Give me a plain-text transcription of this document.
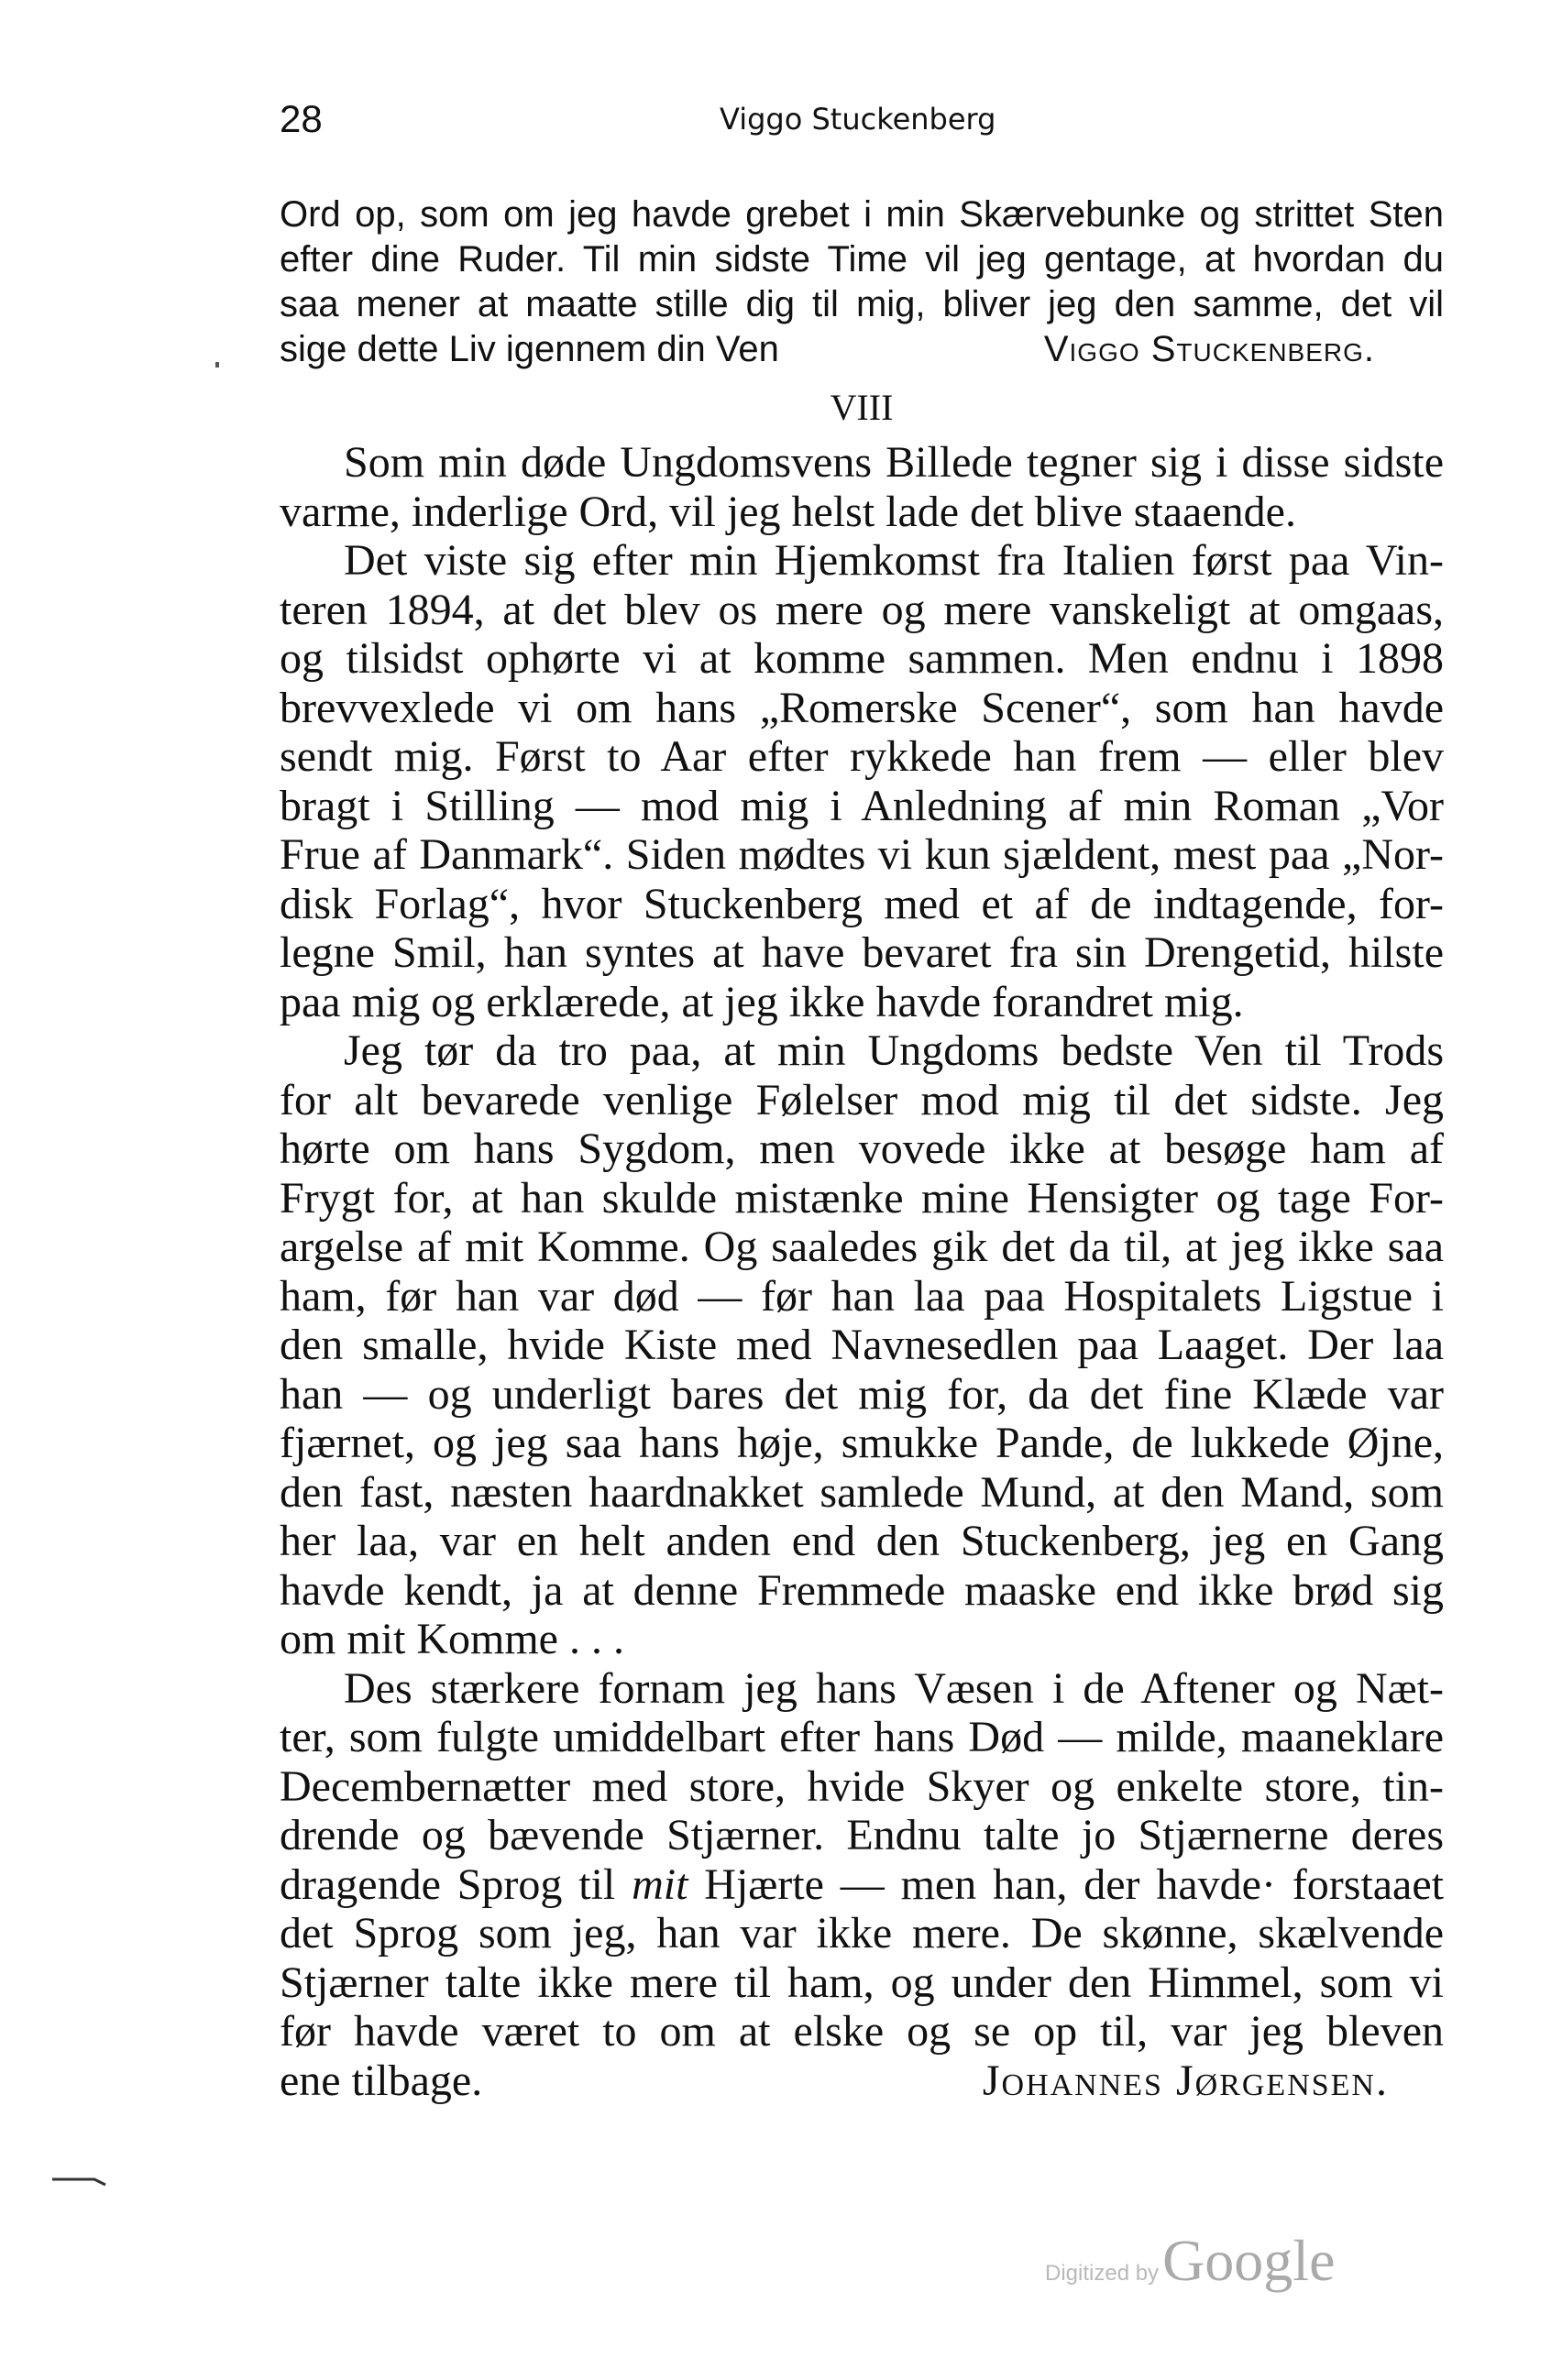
28	Viggo Stuckenberg

Ord op, som om jeg havde grebet i min Skærvebunke og strittet Sten

efter dine Ruder. Til min sidste Time vil jeg gentage, at hvordan du

saa mener at maatte stille dig til mig, bliver jeg den samme, det vil

sige dette Liv igennem din Ven	Viggo Stuckenberg.
VIII
Som min døde Ungdomsvens Billede tegner sig i disse sidste
varme, inderlige Ord, vil jeg helst lade det blive staaende.
Det viste sig efter min Hjemkomst fra Italien først paa Vin-
teren 1894, at det blev os mere og mere vanskeligt at omgaas,
og tilsidst ophørte vi at komme sammen. Men endnu i 1898
brevvexlede vi om hans „Romerske Scener“, som han havde
sendt mig. Først to Aar efter rykkede han frem — eller blev
bragt i Stilling — mod mig i Anledning af min Roman „Vor
Frue af Danmark“. Siden mødtes vi kun sjældent, mest paa „Nor-
disk Forlag“, hvor Stuckenberg med et af de indtagende, for-
legne Smil, han syntes at have bevaret fra sin Drengetid, hilste
paa mig og erklærede, at jeg ikke havde forandret mig.
Jeg tør da tro paa, at min Ungdoms bedste Ven til Trods
for alt bevarede venlige Følelser mod mig til det sidste. Jeg
hørte om hans Sygdom, men vovede ikke at besøge ham af
Frygt for, at han skulde mistænke mine Hensigter og tage For-
argelse af mit Komme. Og saaledes gik det da til, at jeg ikke saa
ham, før han var død — før han laa paa Hospitalets Ligstue i
den smalle, hvide Kiste med Navnesedlen paa Laaget. Der laa
han — og underligt bares det mig for, da det fine Klæde var
fjærnet, og jeg saa hans høje, smukke Pande, de lukkede Øjne,
den fast, næsten haardnakket samlede Mund, at den Mand, som
her laa, var en helt anden end den Stuckenberg, jeg en Gang
havde kendt, ja at denne Fremmede maaske end ikke brød sig
om mit Komme . . .
Des stærkere fornam jeg hans Væsen i de Aftener og Næt-
ter, som fulgte umiddelbart efter hans Død — milde, maaneklare
Decembernætter med store, hvide Skyer og enkelte store, tin-
drende og bævende Stjærner. Endnu talte jo Stjærnerne deres
dragende Sprog til mit Hjærte — men han, der havde· forstaaet
det Sprog som jeg, han var ikke mere. De skønne, skælvende
Stjærner talte ikke mere til ham, og under den Himmel, som vi
før havde været to om at elske og se op til, var jeg bleven
ene tilbage.	Johannes Jørgensen.
Digitized by Google
